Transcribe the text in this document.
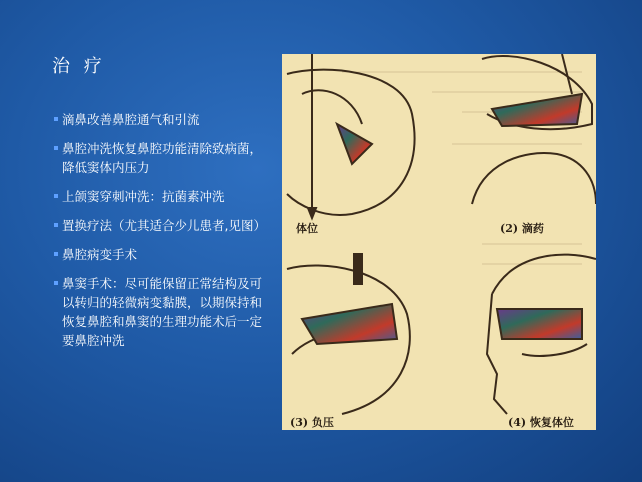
治 疗
滴鼻改善鼻腔通气和引流
鼻腔冲洗恢复鼻腔功能清除致病菌，降低窦体内压力
上颌窦穿刺冲洗：抗菌素冲洗
置换疗法（尤其适合少儿患者,见图）
鼻腔病变手术
鼻窦手术：尽可能保留正常结构及可以转归的轻微病变黏膜，以期保持和恢复鼻腔和鼻窦的生理功能术后一定要鼻腔冲洗
体位	(2) 滴药
(3) 负压	(4) 恢复体位
